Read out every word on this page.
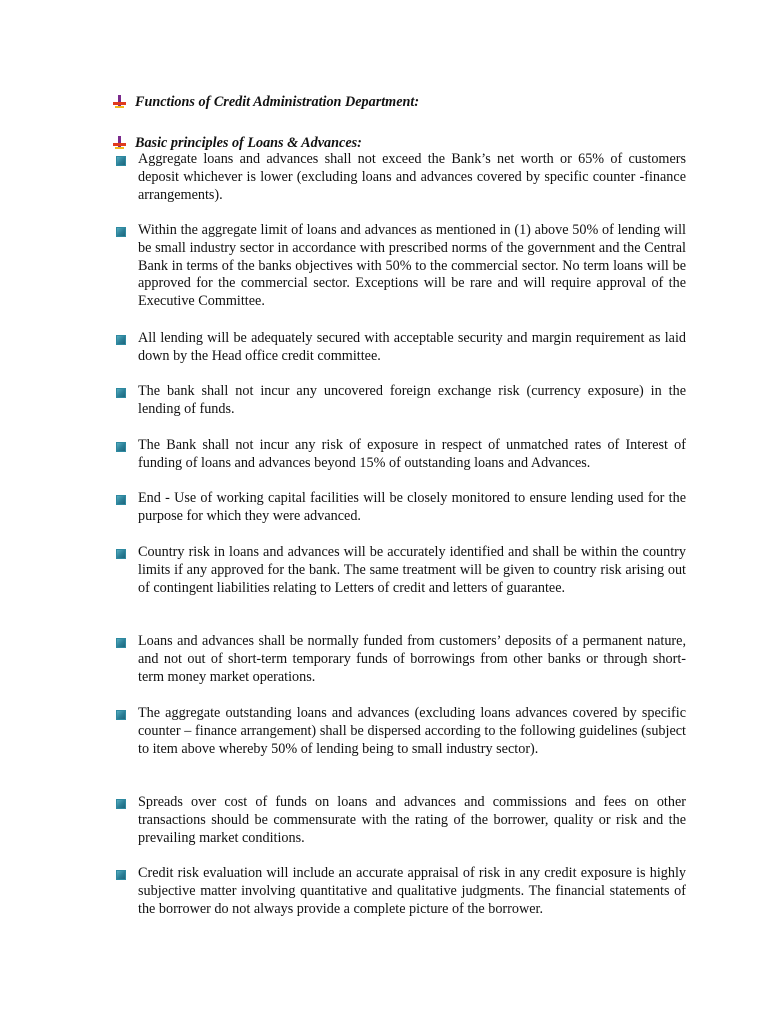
Functions of Credit Administration Department:
Basic principles of Loans & Advances:
Aggregate loans and advances shall not exceed the Bank’s net worth or 65% of customers deposit whichever is lower (excluding loans and advances covered by specific counter -finance arrangements).
Within the aggregate limit of loans and advances as mentioned in (1) above 50% of lending will be small industry sector in accordance with prescribed norms of the government and the Central Bank in terms of the banks objectives with 50% to the commercial sector. No term loans will be approved for the commercial sector. Exceptions will be rare and will require approval of the Executive Committee.
All lending will be adequately secured with acceptable security and margin requirement as laid down by the Head office credit committee.
The bank shall not incur any uncovered foreign exchange risk (currency exposure) in the lending of funds.
The Bank shall not incur any risk of exposure in respect of unmatched rates of Interest of funding of loans and advances beyond 15% of outstanding loans and Advances.
End - Use of working capital facilities will be closely monitored to ensure lending used for the purpose for which they were advanced.
Country risk in loans and advances will be accurately identified and shall be within the country limits if any approved for the bank. The same treatment will be given to country risk arising out of contingent liabilities relating to Letters of credit and letters of guarantee.
Loans and advances shall be normally funded from customers’ deposits of a permanent nature, and not out of short-term temporary funds of borrowings from other banks or through short-term money market operations.
The aggregate outstanding loans and advances (excluding loans advances covered by specific counter – finance arrangement) shall be dispersed according to the following guidelines (subject to item above whereby 50% of lending being to small industry sector).
Spreads over cost of funds on loans and advances and commissions and fees on other transactions should be commensurate with the rating of the borrower, quality or risk and the prevailing market conditions.
Credit risk evaluation will include an accurate appraisal of risk in any credit exposure is highly subjective matter involving quantitative and qualitative judgments. The financial statements of the borrower do not always provide a complete picture of the borrower.
